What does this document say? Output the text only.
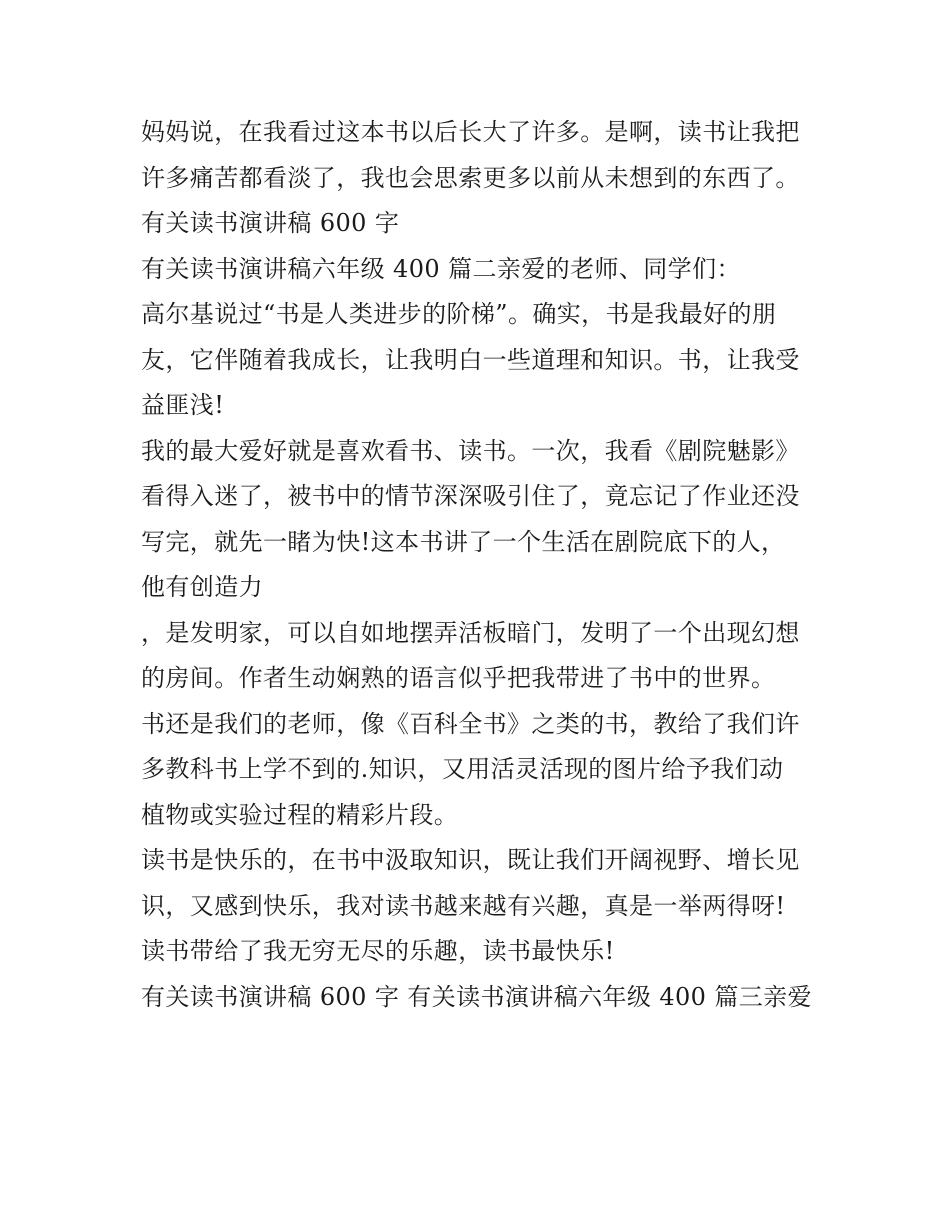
妈妈说，在我看过这本书以后长大了许多。是啊，读书让我把
许多痛苦都看淡了，我也会思索更多以前从未想到的东西了。
有关读书演讲稿 600 字
有关读书演讲稿六年级 400 篇二亲爱的老师、同学们：
高尔基说过“书是人类进步的阶梯”。确实，书是我最好的朋
友，它伴随着我成长，让我明白一些道理和知识。书，让我受
益匪浅!
我的最大爱好就是喜欢看书、读书。一次，我看《剧院魅影》
看得入迷了，被书中的情节深深吸引住了，竟忘记了作业还没
写完，就先一睹为快!这本书讲了一个生活在剧院底下的人，
他有创造力
，是发明家，可以自如地摆弄活板暗门，发明了一个出现幻想
的房间。作者生动娴熟的语言似乎把我带进了书中的世界。
书还是我们的老师，像《百科全书》之类的书，教给了我们许
多教科书上学不到的.知识，又用活灵活现的图片给予我们动
植物或实验过程的精彩片段。
读书是快乐的，在书中汲取知识，既让我们开阔视野、增长见
识，又感到快乐，我对读书越来越有兴趣，真是一举两得呀!
读书带给了我无穷无尽的乐趣，读书最快乐!
有关读书演讲稿 600 字 有关读书演讲稿六年级 400 篇三亲爱
